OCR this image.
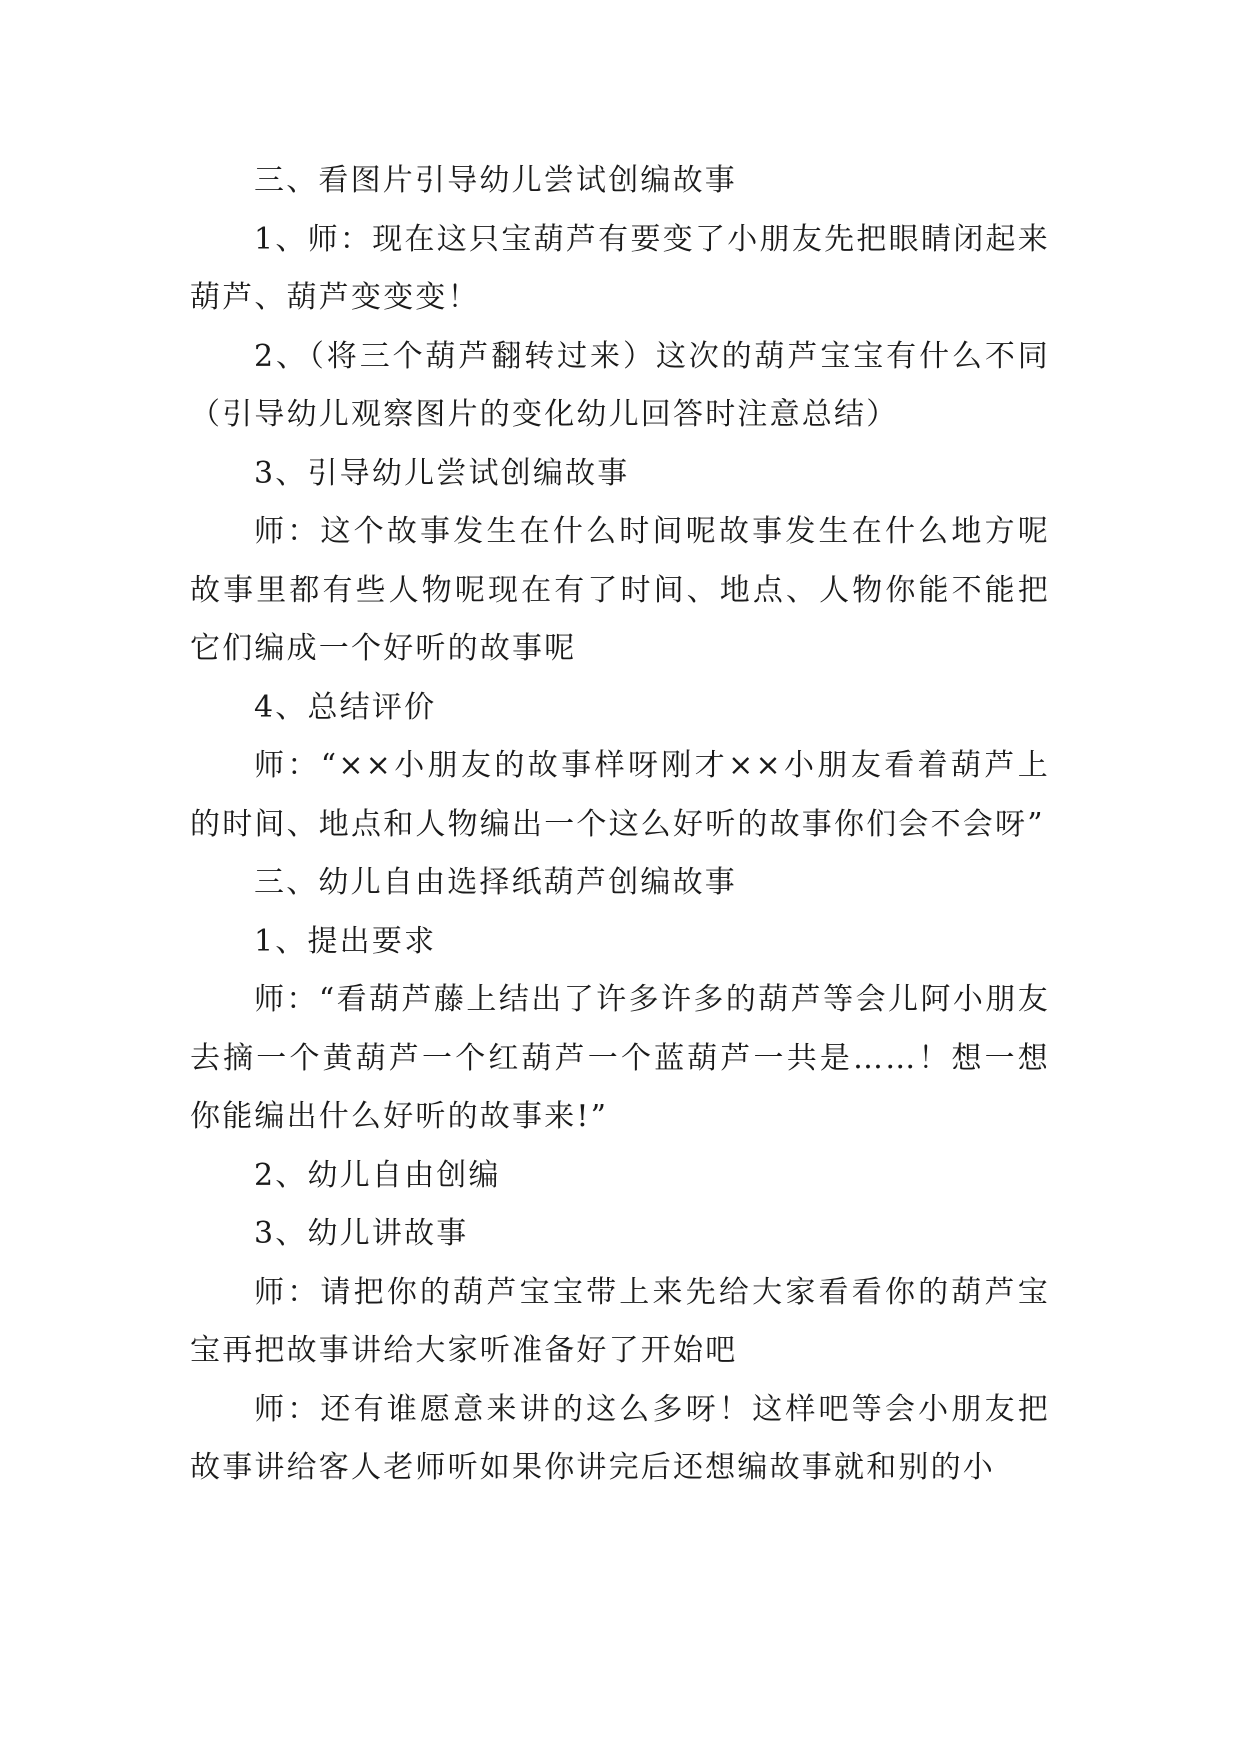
三、看图片引导幼儿尝试创编故事

1、师：现在这只宝葫芦有要变了小朋友先把眼睛闭起来葫芦、葫芦变变变！

2、（将三个葫芦翻转过来）这次的葫芦宝宝有什么不同（引导幼儿观察图片的变化幼儿回答时注意总结）

3、引导幼儿尝试创编故事

师：这个故事发生在什么时间呢故事发生在什么地方呢故事里都有些人物呢现在有了时间、地点、人物你能不能把它们编成一个好听的故事呢

4、总结评价

师：“××小朋友的故事样呀刚才××小朋友看着葫芦上的时间、地点和人物编出一个这么好听的故事你们会不会呀”

三、幼儿自由选择纸葫芦创编故事

1、提出要求

师：“看葫芦藤上结出了许多许多的葫芦等会儿阿小朋友去摘一个黄葫芦一个红葫芦一个蓝葫芦一共是……！想一想你能编出什么好听的故事来!”

2、幼儿自由创编

3、幼儿讲故事

师：请把你的葫芦宝宝带上来先给大家看看你的葫芦宝宝再把故事讲给大家听准备好了开始吧

师：还有谁愿意来讲的这么多呀！这样吧等会小朋友把故事讲给客人老师听如果你讲完后还想编故事就和别的小
